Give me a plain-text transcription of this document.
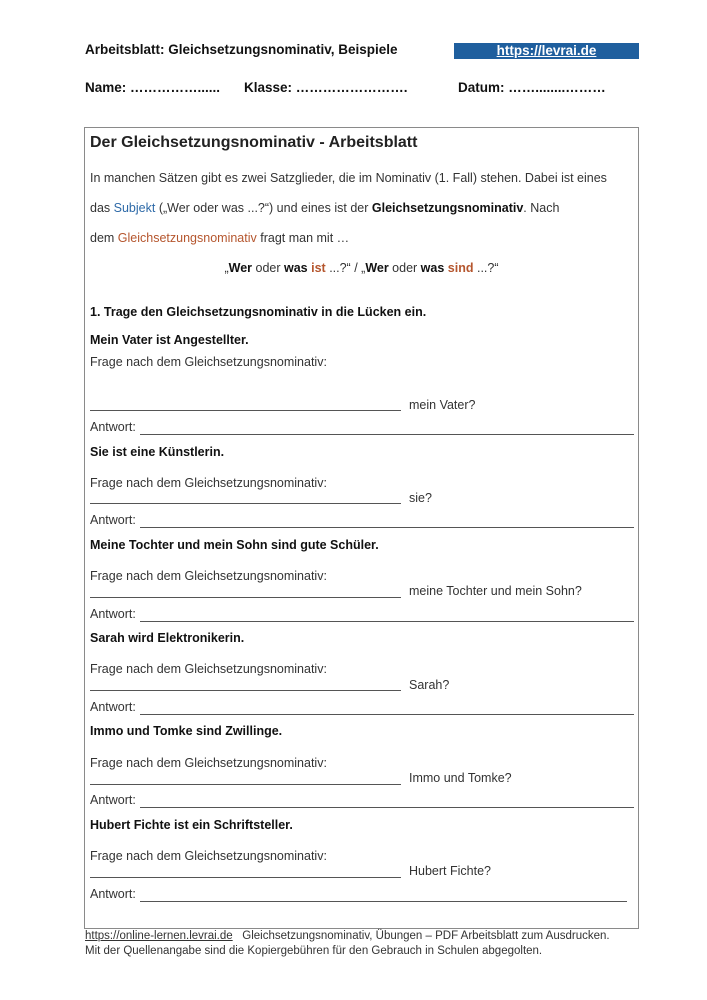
Arbeitsblatt: Gleichsetzungsnominativ, Beispiele	https://levrai.de
Name: ……………...... Klasse: …………………….	Datum: ……........………
Der Gleichsetzungsnominativ - Arbeitsblatt
In manchen Sätzen gibt es zwei Satzglieder, die im Nominativ (1. Fall) stehen. Dabei ist eines
das Subjekt („Wer oder was ...?“) und eines ist der Gleichsetzungsnominativ. Nach
dem Gleichsetzungsnominativ fragt man mit …
„Wer oder was ist ...?“ / „Wer oder was sind ...?“
1. Trage den Gleichsetzungsnominativ in die Lücken ein.
Mein Vater ist Angestellter.
Frage nach dem Gleichsetzungsnominativ:
mein Vater?
Antwort:
Sie ist eine Künstlerin.
Frage nach dem Gleichsetzungsnominativ:
sie?
Antwort:
Meine Tochter und mein Sohn sind gute Schüler.
Frage nach dem Gleichsetzungsnominativ:
meine Tochter und mein Sohn?
Antwort:
Sarah wird Elektronikerin.
Frage nach dem Gleichsetzungsnominativ:
Sarah?
Antwort:
Immo und Tomke sind Zwillinge.
Frage nach dem Gleichsetzungsnominativ:
Immo und Tomke?
Antwort:
Hubert Fichte ist ein Schriftsteller.
Frage nach dem Gleichsetzungsnominativ:
Hubert Fichte?
Antwort:
https://online-lernen.levrai.de   Gleichsetzungsnominativ, Übungen – PDF Arbeitsblatt zum Ausdrucken.
Mit der Quellenangabe sind die Kopiergebühren für den Gebrauch in Schulen abgegolten.
